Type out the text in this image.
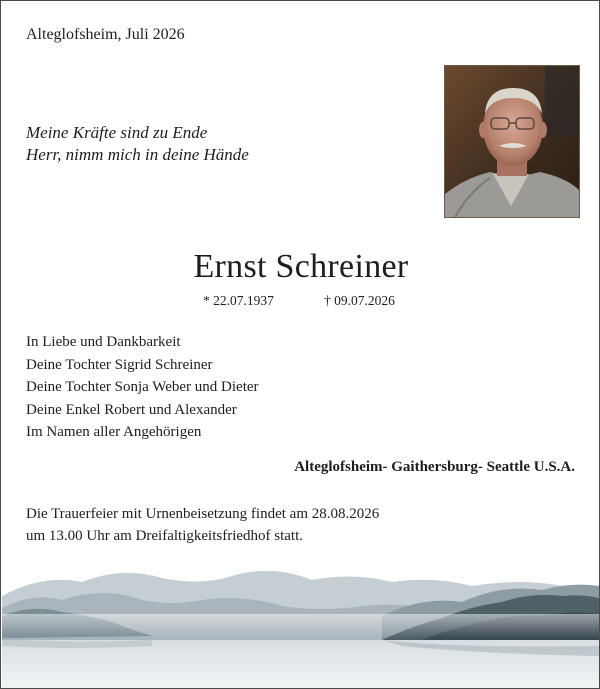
Alteglofsheim, Juli 2026
Meine Kräfte sind zu Ende
Herr, nimm mich in deine Hände
Ernst Schreiner
* 22.07.1937	† 09.07.2026
In Liebe und Dankbarkeit
Deine Tochter Sigrid Schreiner
Deine Tochter Sonja Weber und Dieter
Deine Enkel Robert und Alexander
Im Namen aller Angehörigen
Alteglofsheim- Gaithersburg- Seattle U.S.A.
Die Trauerfeier mit Urnenbeisetzung findet am 28.08.2026
um 13.00 Uhr am Dreifaltigkeitsfriedhof statt.
